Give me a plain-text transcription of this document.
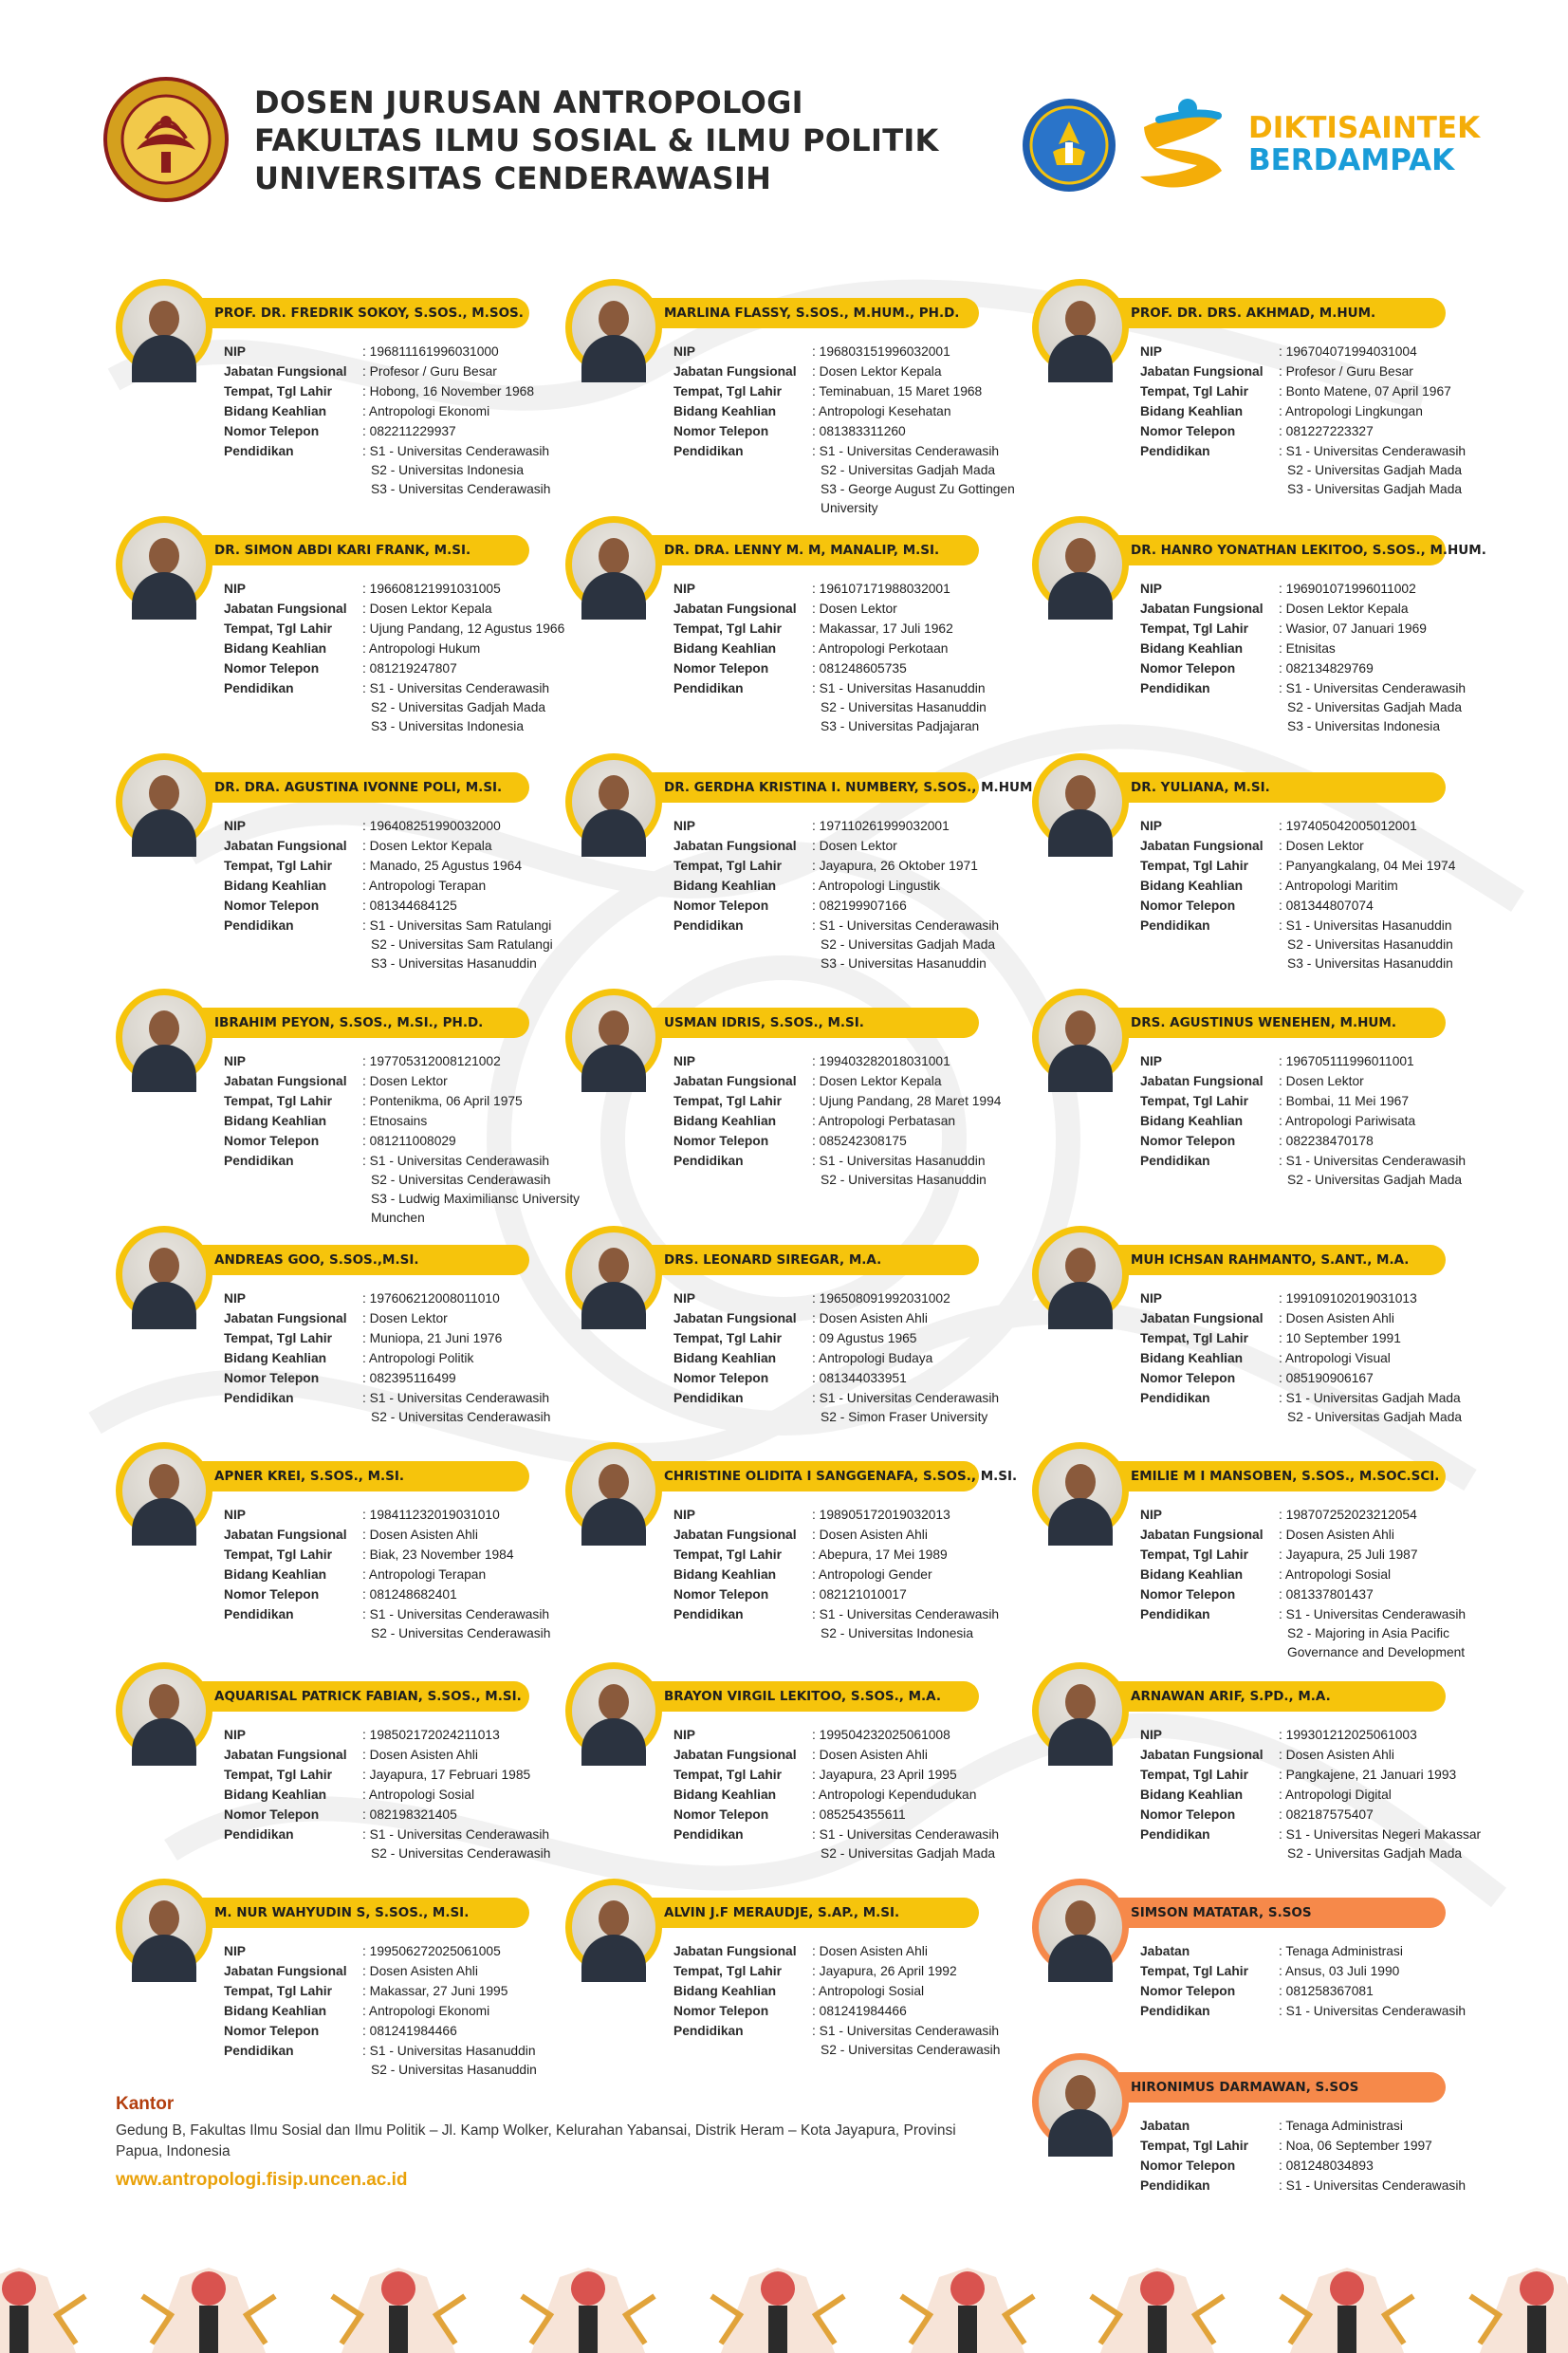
DOSEN JURUSAN ANTROPOLOGI
FAKULTAS ILMU SOSIAL & ILMU POLITIK
UNIVERSITAS CENDERAWASIH
DIKTISAINTEK
BERDAMPAK
PROF. DR. FREDRIK SOKOY, S.SOS., M.SOS.
NIP	: 196811161996031000
Jabatan Fungsional	: Profesor / Guru Besar
Tempat, Tgl Lahir	: Hobong, 16 November 1968
Bidang Keahlian	: Antropologi Ekonomi
Nomor Telepon	: 082211229937
Pendidikan	: S1 - Universitas Cenderawasih
S2 - Universitas Indonesia
S3 - Universitas Cenderawasih
MARLINA FLASSY, S.SOS., M.HUM., PH.D.
NIP	: 196803151996032001
Jabatan Fungsional	: Dosen Lektor Kepala
Tempat, Tgl Lahir	: Teminabuan, 15 Maret 1968
Bidang Keahlian	: Antropologi Kesehatan
Nomor Telepon	: 081383311260
Pendidikan	: S1 - Universitas Cenderawasih
S2 - Universitas Gadjah Mada
S3 - George August Zu Gottingen University
PROF. DR. DRS. AKHMAD, M.HUM.
NIP	: 196704071994031004
Jabatan Fungsional	: Profesor / Guru Besar
Tempat, Tgl Lahir	: Bonto Matene, 07 April 1967
Bidang Keahlian	: Antropologi Lingkungan
Nomor Telepon	: 081227223327
Pendidikan	: S1 - Universitas Cenderawasih
S2 - Universitas Gadjah Mada
S3 - Universitas Gadjah Mada
DR. SIMON ABDI KARI FRANK, M.SI.
NIP	: 196608121991031005
Jabatan Fungsional	: Dosen Lektor Kepala
Tempat, Tgl Lahir	: Ujung Pandang, 12 Agustus 1966
Bidang Keahlian	: Antropologi Hukum
Nomor Telepon	: 081219247807
Pendidikan	: S1 - Universitas Cenderawasih
S2 - Universitas Gadjah Mada
S3 - Universitas Indonesia
DR. DRA. LENNY M. M, MANALIP, M.SI.
NIP	: 196107171988032001
Jabatan Fungsional	: Dosen Lektor
Tempat, Tgl Lahir	: Makassar, 17 Juli 1962
Bidang Keahlian	: Antropologi Perkotaan
Nomor Telepon	: 081248605735
Pendidikan	: S1 - Universitas Hasanuddin
S2 - Universitas Hasanuddin
S3 - Universitas Padjajaran
DR. HANRO YONATHAN LEKITOO, S.SOS., M.HUM.
NIP	: 196901071996011002
Jabatan Fungsional	: Dosen Lektor Kepala
Tempat, Tgl Lahir	: Wasior, 07 Januari 1969
Bidang Keahlian	: Etnisitas
Nomor Telepon	: 082134829769
Pendidikan	: S1 - Universitas Cenderawasih
S2 - Universitas Gadjah Mada
S3 - Universitas Indonesia
DR. DRA. AGUSTINA IVONNE POLI, M.SI.
NIP	: 196408251990032000
Jabatan Fungsional	: Dosen Lektor Kepala
Tempat, Tgl Lahir	: Manado, 25 Agustus 1964
Bidang Keahlian	: Antropologi Terapan
Nomor Telepon	: 081344684125
Pendidikan	: S1 - Universitas Sam Ratulangi
S2 - Universitas Sam Ratulangi
S3 - Universitas Hasanuddin
DR. GERDHA KRISTINA I. NUMBERY, S.SOS., M.HUM
NIP	: 197110261999032001
Jabatan Fungsional	: Dosen Lektor
Tempat, Tgl Lahir	: Jayapura, 26 Oktober 1971
Bidang Keahlian	: Antropologi Lingustik
Nomor Telepon	: 082199907166
Pendidikan	: S1 - Universitas Cenderawasih
S2 - Universitas Gadjah Mada
S3 - Universitas Hasanuddin
DR. YULIANA, M.SI.
NIP	: 197405042005012001
Jabatan Fungsional	: Dosen Lektor
Tempat, Tgl Lahir	: Panyangkalang, 04 Mei 1974
Bidang Keahlian	: Antropologi Maritim
Nomor Telepon	: 081344807074
Pendidikan	: S1 - Universitas Hasanuddin
S2 - Universitas Hasanuddin
S3 - Universitas Hasanuddin
IBRAHIM PEYON, S.SOS., M.SI., PH.D.
NIP	: 197705312008121002
Jabatan Fungsional	: Dosen Lektor
Tempat, Tgl Lahir	: Pontenikma, 06 April 1975
Bidang Keahlian	: Etnosains
Nomor Telepon	: 081211008029
Pendidikan	: S1 - Universitas Cenderawasih
S2 - Universitas Cenderawasih
S3 - Ludwig Maximiliansc University Munchen
USMAN IDRIS, S.SOS., M.SI.
NIP	: 199403282018031001
Jabatan Fungsional	: Dosen Lektor Kepala
Tempat, Tgl Lahir	: Ujung Pandang, 28 Maret 1994
Bidang Keahlian	: Antropologi Perbatasan
Nomor Telepon	: 085242308175
Pendidikan	: S1 - Universitas Hasanuddin
S2 - Universitas Hasanuddin
DRS. AGUSTINUS WENEHEN, M.HUM.
NIP	: 196705111996011001
Jabatan Fungsional	: Dosen Lektor
Tempat, Tgl Lahir	: Bombai, 11 Mei 1967
Bidang Keahlian	: Antropologi Pariwisata
Nomor Telepon	: 082238470178
Pendidikan	: S1 - Universitas Cenderawasih
S2 - Universitas Gadjah Mada
ANDREAS GOO, S.SOS.,M.SI.
NIP	: 197606212008011010
Jabatan Fungsional	: Dosen Lektor
Tempat, Tgl Lahir	: Muniopa, 21 Juni 1976
Bidang Keahlian	: Antropologi Politik
Nomor Telepon	: 082395116499
Pendidikan	: S1 - Universitas Cenderawasih
S2 - Universitas Cenderawasih
DRS. LEONARD SIREGAR, M.A.
NIP	: 196508091992031002
Jabatan Fungsional	: Dosen Asisten Ahli
Tempat, Tgl Lahir	: 09 Agustus 1965
Bidang Keahlian	: Antropologi Budaya
Nomor Telepon	: 081344033951
Pendidikan	: S1 - Universitas Cenderawasih
S2 - Simon Fraser University
MUH ICHSAN RAHMANTO, S.ANT., M.A.
NIP	: 199109102019031013
Jabatan Fungsional	: Dosen Asisten Ahli
Tempat, Tgl Lahir	: 10 September 1991
Bidang Keahlian	: Antropologi Visual
Nomor Telepon	: 085190906167
Pendidikan	: S1 - Universitas Gadjah Mada
S2 - Universitas Gadjah Mada
APNER KREI, S.SOS., M.SI.
NIP	: 198411232019031010
Jabatan Fungsional	: Dosen Asisten Ahli
Tempat, Tgl Lahir	: Biak, 23 November 1984
Bidang Keahlian	: Antropologi Terapan
Nomor Telepon	: 081248682401
Pendidikan	: S1 - Universitas Cenderawasih
S2 - Universitas Cenderawasih
CHRISTINE OLIDITA I SANGGENAFA, S.SOS., M.SI.
NIP	: 198905172019032013
Jabatan Fungsional	: Dosen Asisten Ahli
Tempat, Tgl Lahir	: Abepura, 17 Mei 1989
Bidang Keahlian	: Antropologi Gender
Nomor Telepon	: 082121010017
Pendidikan	: S1 - Universitas Cenderawasih
S2 - Universitas Indonesia
EMILIE M I MANSOBEN, S.SOS., M.SOC.SCI.
NIP	: 198707252023212054
Jabatan Fungsional	: Dosen Asisten Ahli
Tempat, Tgl Lahir	: Jayapura, 25 Juli 1987
Bidang Keahlian	: Antropologi Sosial
Nomor Telepon	: 081337801437
Pendidikan	: S1 - Universitas Cenderawasih
S2 - Majoring in Asia Pacific Governance and Development
AQUARISAL PATRICK FABIAN, S.SOS., M.SI.
NIP	: 198502172024211013
Jabatan Fungsional	: Dosen Asisten Ahli
Tempat, Tgl Lahir	: Jayapura, 17 Februari 1985
Bidang Keahlian	: Antropologi Sosial
Nomor Telepon	: 082198321405
Pendidikan	: S1 - Universitas Cenderawasih
S2 - Universitas Cenderawasih
BRAYON VIRGIL LEKITOO, S.SOS., M.A.
NIP	: 199504232025061008
Jabatan Fungsional	: Dosen Asisten Ahli
Tempat, Tgl Lahir	: Jayapura, 23 April 1995
Bidang Keahlian	: Antropologi Kependudukan
Nomor Telepon	: 085254355611
Pendidikan	: S1 - Universitas Cenderawasih
S2 - Universitas Gadjah Mada
ARNAWAN ARIF, S.PD., M.A.
NIP	: 199301212025061003
Jabatan Fungsional	: Dosen Asisten Ahli
Tempat, Tgl Lahir	: Pangkajene, 21 Januari 1993
Bidang Keahlian	: Antropologi Digital
Nomor Telepon	: 082187575407
Pendidikan	: S1 - Universitas Negeri Makassar
S2 - Universitas Gadjah Mada
M. NUR WAHYUDIN S, S.SOS., M.SI.
NIP	: 199506272025061005
Jabatan Fungsional	: Dosen Asisten Ahli
Tempat, Tgl Lahir	: Makassar, 27 Juni 1995
Bidang Keahlian	: Antropologi Ekonomi
Nomor Telepon	: 081241984466
Pendidikan	: S1 - Universitas Hasanuddin
S2 - Universitas Hasanuddin
ALVIN J.F MERAUDJE, S.AP., M.SI.
Jabatan Fungsional	: Dosen Asisten Ahli
Tempat, Tgl Lahir	: Jayapura, 26 April 1992
Bidang Keahlian	: Antropologi Sosial
Nomor Telepon	: 081241984466
Pendidikan	: S1 - Universitas Cenderawasih
S2 - Universitas Cenderawasih
SIMSON MATATAR, S.SOS
Jabatan	: Tenaga Administrasi
Tempat, Tgl Lahir	: Ansus, 03 Juli 1990
Nomor Telepon	: 081258367081
Pendidikan	: S1 - Universitas Cenderawasih
HIRONIMUS DARMAWAN, S.SOS
Jabatan	: Tenaga Administrasi
Tempat, Tgl Lahir	: Noa, 06 September 1997
Nomor Telepon	: 081248034893
Pendidikan	: S1 - Universitas Cenderawasih
Kantor
Gedung B, Fakultas Ilmu Sosial dan Ilmu Politik – Jl. Kamp Wolker, Kelurahan Yabansai, Distrik Heram – Kota Jayapura, Provinsi Papua, Indonesia
www.antropologi.fisip.uncen.ac.id
